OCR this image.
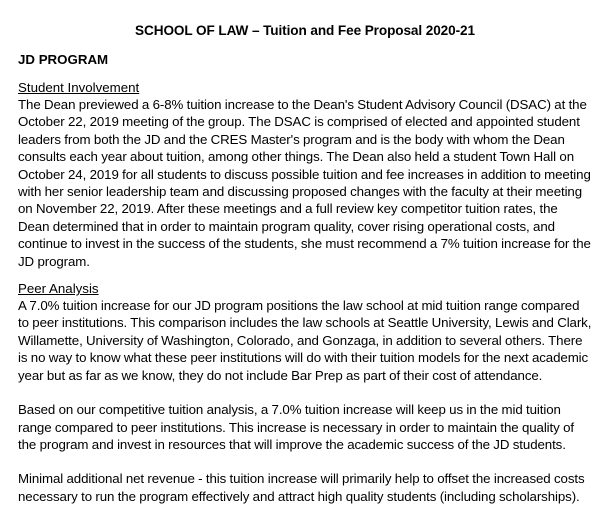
SCHOOL OF LAW – Tuition and Fee Proposal 2020-21
JD PROGRAM
Student Involvement

The Dean previewed a 6-8% tuition increase to the Dean's Student Advisory Council (DSAC) at the October 22, 2019 meeting of the group. The DSAC is comprised of elected and appointed student leaders from both the JD and the CRES Master's program and is the body with whom the Dean consults each year about tuition, among other things. The Dean also held a student Town Hall on October 24, 2019 for all students to discuss possible tuition and fee increases in addition to meeting with her senior leadership team and discussing proposed changes with the faculty at their meeting on November 22, 2019. After these meetings and a full review key competitor tuition rates, the Dean determined that in order to maintain program quality, cover rising operational costs, and continue to invest in the success of the students, she must recommend a 7% tuition increase for the JD program.

Peer Analysis

A 7.0% tuition increase for our JD program positions the law school at mid tuition range compared to peer institutions. This comparison includes the law schools at Seattle University, Lewis and Clark, Willamette, University of Washington, Colorado, and Gonzaga, in addition to several others. There is no way to know what these peer institutions will do with their tuition models for the next academic year but as far as we know, they do not include Bar Prep as part of their cost of attendance.

Based on our competitive tuition analysis, a 7.0% tuition increase will keep us in the mid tuition range compared to peer institutions. This increase is necessary in order to maintain the quality of the program and invest in resources that will improve the academic success of the JD students.

Minimal additional net revenue - this tuition increase will primarily help to offset the increased costs necessary to run the program effectively and attract high quality students (including scholarships).
